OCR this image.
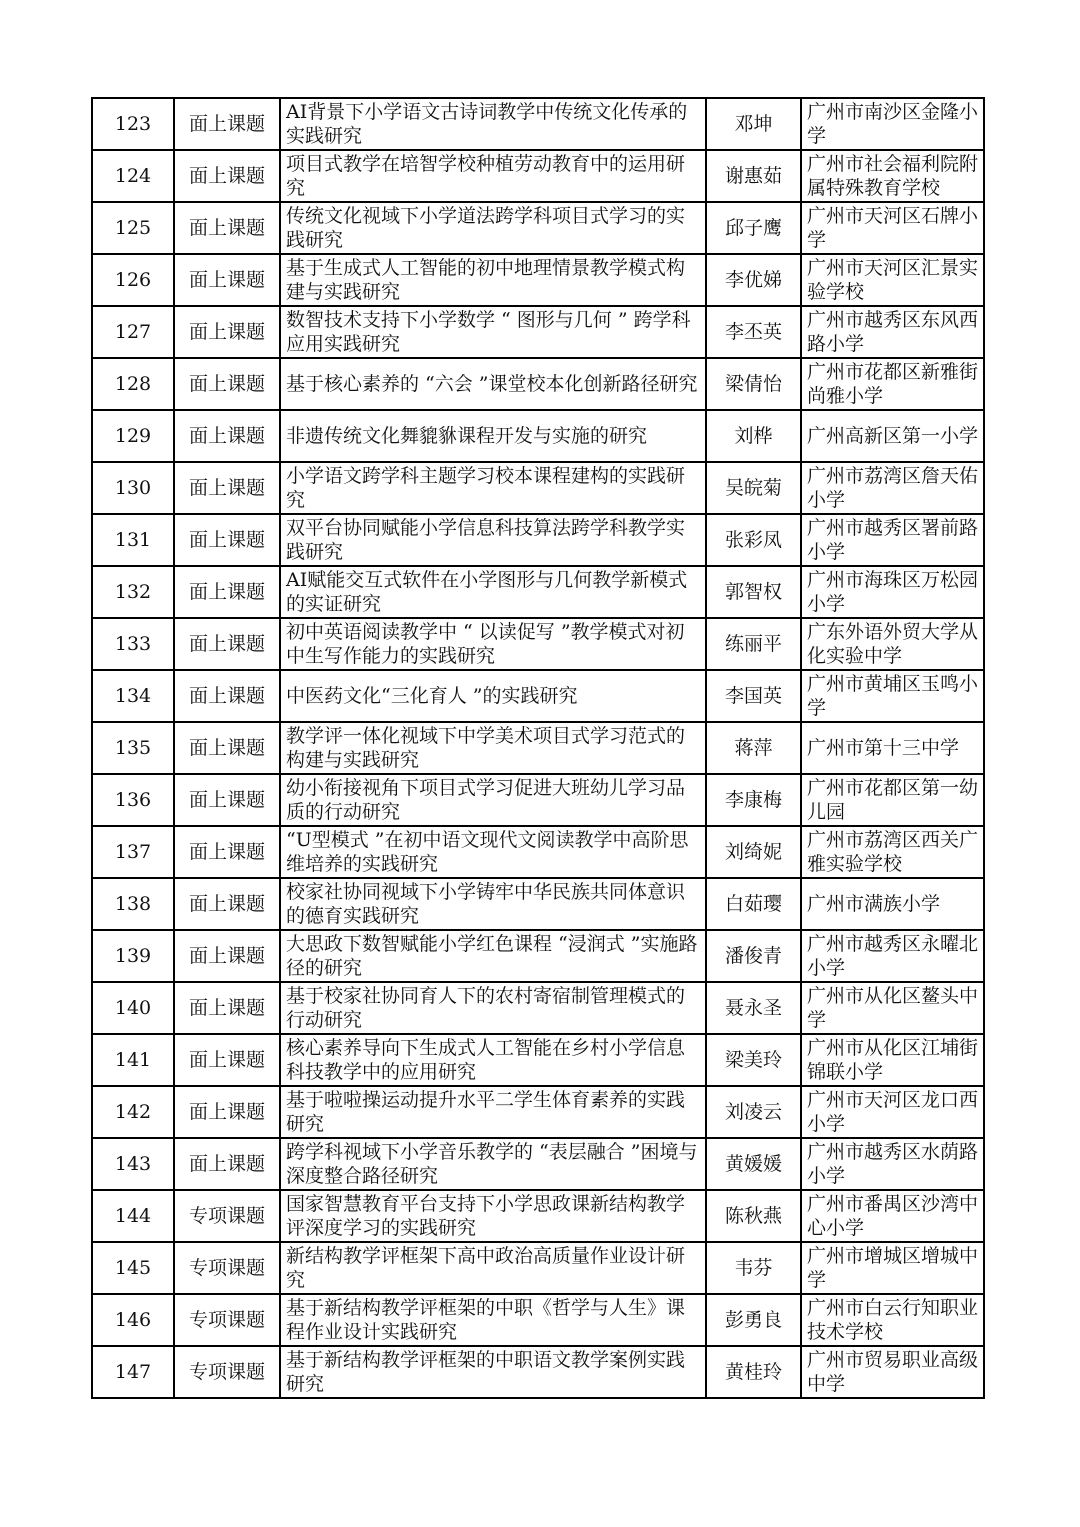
123	面上课题	AI背景下小学语文古诗词教学中传统文化传承的实践研究	邓坤	广州市南沙区金隆小学

124	面上课题	项目式教学在培智学校种植劳动教育中的运用研究	谢惠茹	广州市社会福利院附属特殊教育学校

125	面上课题	传统文化视域下小学道法跨学科项目式学习的实践研究	邱子鹰	广州市天河区石牌小学

126	面上课题	基于生成式人工智能的初中地理情景教学模式构建与实践研究	李优娣	广州市天河区汇景实验学校

127	面上课题	数智技术支持下小学数学 “ 图形与几何 ” 跨学科应用实践研究	李丕英	广州市越秀区东风西路小学

128	面上课题	基于核心素养的 “六会 ”课堂校本化创新路径研究	梁倩怡	广州市花都区新雅街尚雅小学

129	面上课题	非遗传统文化舞貔貅课程开发与实施的研究	刘桦	广州高新区第一小学

130	面上课题	小学语文跨学科主题学习校本课程建构的实践研究	吴皖菊	广州市荔湾区詹天佑小学

131	面上课题	双平台协同赋能小学信息科技算法跨学科教学实践研究	张彩凤	广州市越秀区署前路小学

132	面上课题	AI赋能交互式软件在小学图形与几何教学新模式的实证研究	郭智权	广州市海珠区万松园小学

133	面上课题	初中英语阅读教学中 “ 以读促写 ”教学模式对初中生写作能力的实践研究	练丽平	广东外语外贸大学从化实验中学

134	面上课题	中医药文化“三化育人 ”的实践研究	李国英	广州市黄埔区玉鸣小学

135	面上课题	教学评一体化视域下中学美术项目式学习范式的构建与实践研究	蒋萍	广州市第十三中学

136	面上课题	幼小衔接视角下项目式学习促进大班幼儿学习品质的行动研究	李康梅	广州市花都区第一幼儿园

137	面上课题	“U型模式 ”在初中语文现代文阅读教学中高阶思维培养的实践研究	刘绮妮	广州市荔湾区西关广雅实验学校

138	面上课题	校家社协同视域下小学铸牢中华民族共同体意识的德育实践研究	白茹璎	广州市满族小学

139	面上课题	大思政下数智赋能小学红色课程 “浸润式 ”实施路径的研究	潘俊青	广州市越秀区永曜北小学

140	面上课题	基于校家社协同育人下的农村寄宿制管理模式的行动研究	聂永圣	广州市从化区鳌头中学

141	面上课题	核心素养导向下生成式人工智能在乡村小学信息科技教学中的应用研究	梁美玲	广州市从化区江埔街锦联小学

142	面上课题	基于啦啦操运动提升水平二学生体育素养的实践研究	刘凌云	广州市天河区龙口西小学

143	面上课题	跨学科视域下小学音乐教学的 “表层融合 ”困境与深度整合路径研究	黄媛媛	广州市越秀区水荫路小学

144	专项课题	国家智慧教育平台支持下小学思政课新结构教学评深度学习的实践研究	陈秋燕	广州市番禺区沙湾中心小学

145	专项课题	新结构教学评框架下高中政治高质量作业设计研究	韦芬	广州市增城区增城中学

146	专项课题	基于新结构教学评框架的中职《哲学与人生》课程作业设计实践研究	彭勇良	广州市白云行知职业技术学校

147	专项课题	基于新结构教学评框架的中职语文教学案例实践研究	黄桂玲	广州市贸易职业高级中学
